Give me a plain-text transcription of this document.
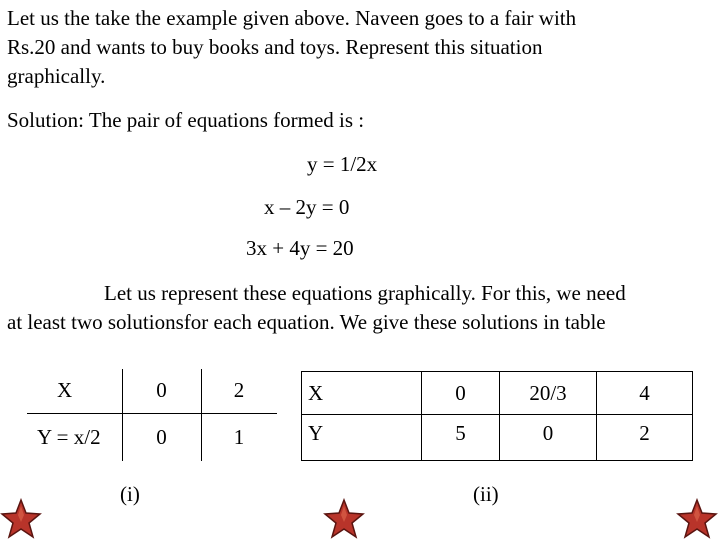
Let us the take the example given above. Naveen goes to a fair with
Rs.20 and wants to buy books and toys. Represent this situation
graphically.
Solution: The pair of equations formed is :
y = 1/2x
x – 2y = 0
3x + 4y = 20
Let us represent these equations graphically. For this, we need
at least two solutionsfor each equation. We give these solutions in table
X	0	2
Y = x/2	0	1
(i)
X	0	20/3	4
Y	5	0	2
(ii)
